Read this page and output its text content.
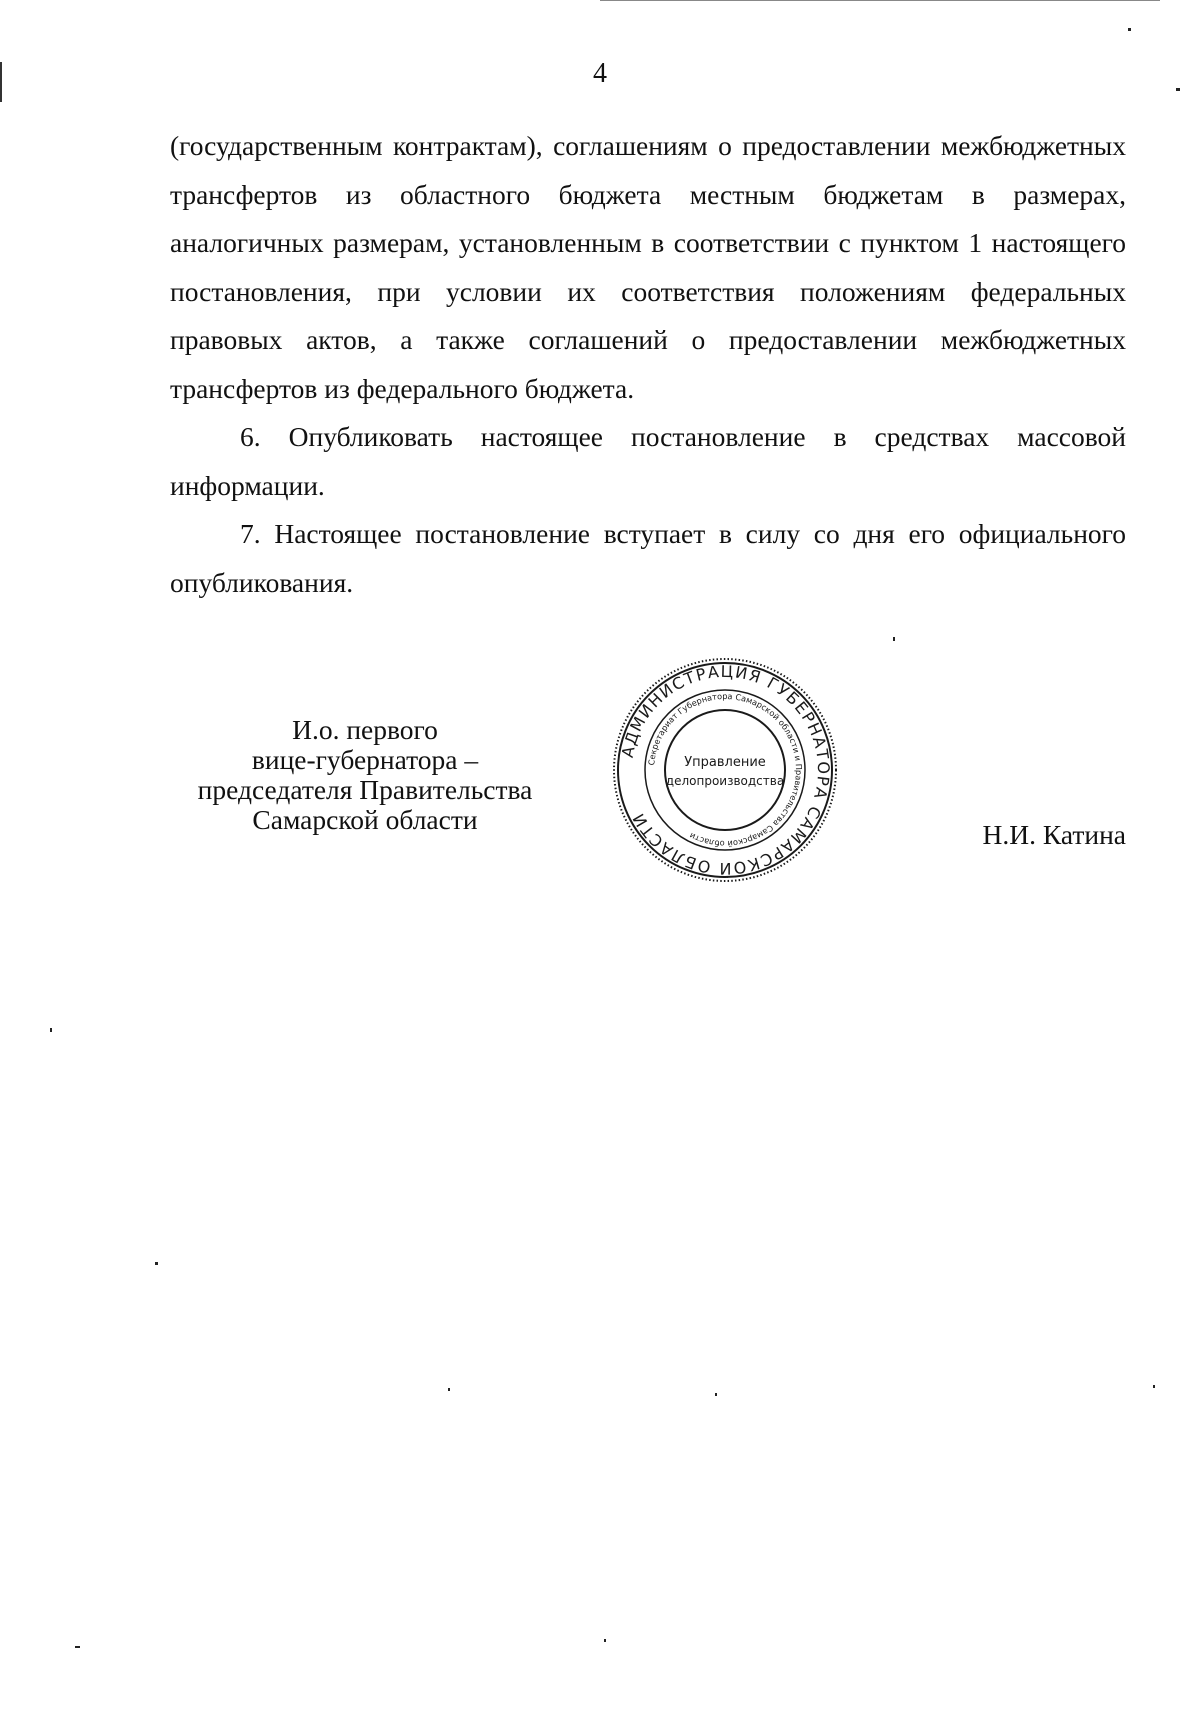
4

(государственным контрактам), соглашениям о предоставлении межбюджетных трансфертов из областного бюджета местным бюджетам в размерах, аналогичных размерам, установленным в соответствии с пунктом 1 настоящего постановления, при условии их соответствия положениям федеральных правовых актов, а также соглашений о предоставлении межбюджетных трансфертов из федерального бюджета.

6. Опубликовать настоящее постановление в средствах массовой информации.

7. Настоящее постановление вступает в силу со дня его официального опубликования.

И.о. первого
вице-губернатора –
председателя Правительства
Самарской области
АДМИНИСТРАЦИЯ ГУБЕРНАТОРА САМАРСКОЙ ОБЛАСТИ
Секретариат Губернатора Самарской области и Правительства Самарской области
Управление
делопроизводства
Н.И. Катина
